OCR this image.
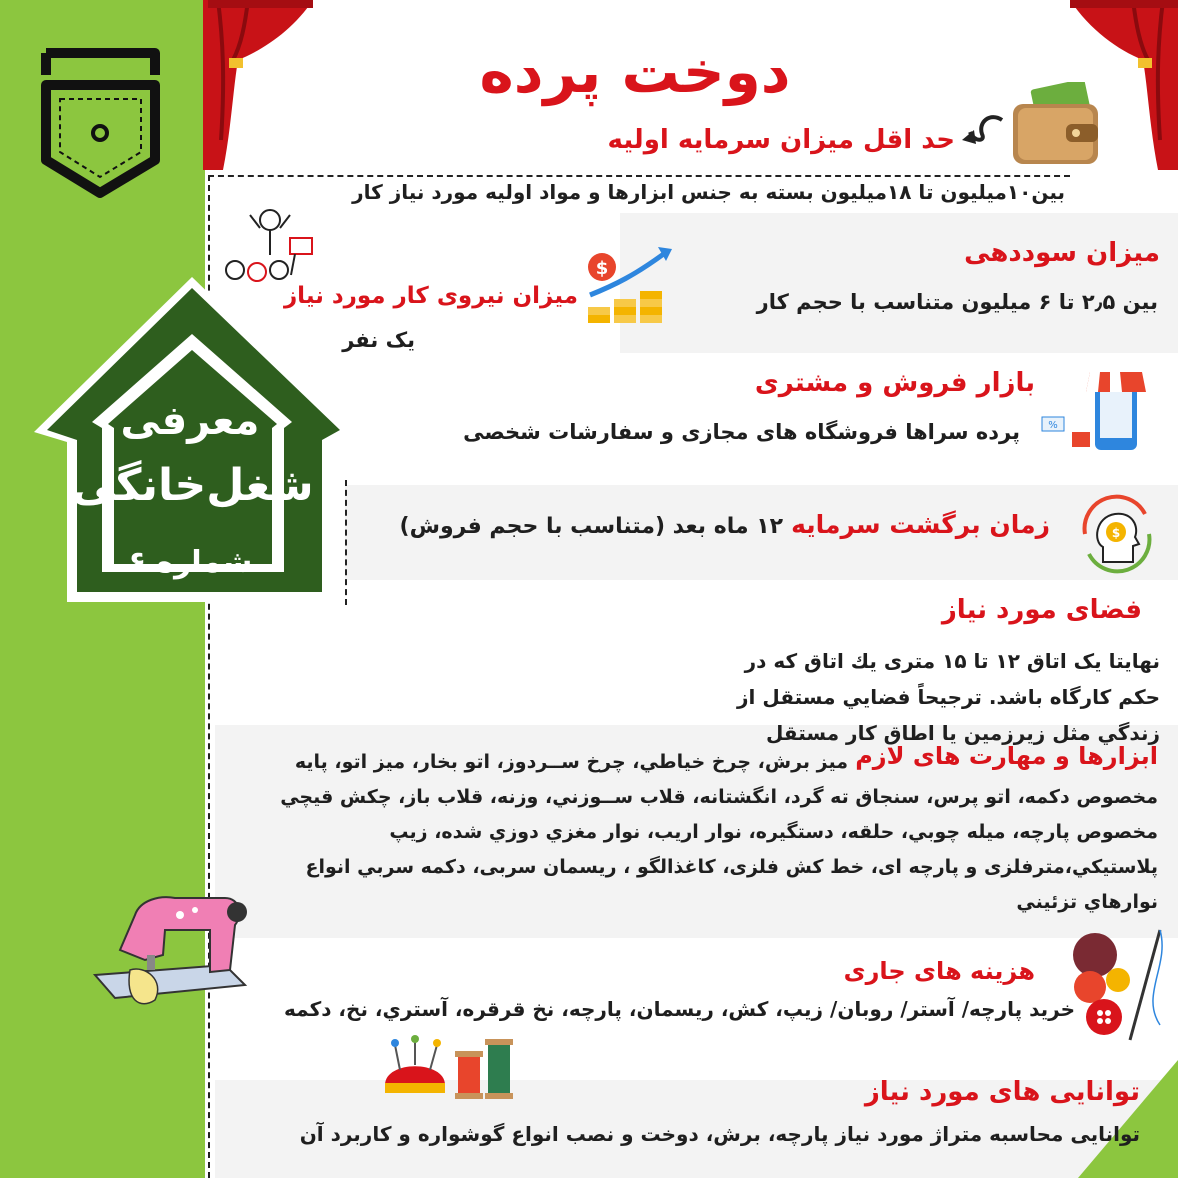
معرفی
شغل‌خانگی
شماره ۶
دوخت پرده
حد اقل میزان سرمایه اولیه
بین۱۰میلیون تا ۱۸میلیون بسته به جنس ابزارها و مواد اولیه مورد نیاز کار
$
میزان سوددهی
بین ۲٫۵ تا ۶ میلیون متناسب با حجم کار
میزان نیروی کار مورد نیاز
یک نفر
%
بازار فروش و مشتری
پرده سراها فروشگاه های مجازی و سفارشات شخصی
$
زمان برگشت سرمایه ۱۲ ماه بعد (متناسب با حجم فروش)
فضای مورد نیاز
نهایتا یک اتاق ۱۲ تا ۱۵ متری يك اتاق که در حکم کارگاه باشد. ترجیحاً فضايي مستقل از زندگي مثل زيرزمين يا اطاق كار مستقل
ابزارها و مهارت های لازم
میز برش، چرخ خیاطي، چرخ ســردوز، اتو بخار، میز اتو، پایه مخصوص دكمه، اتو پرس، سنجاق ته گرد، انگشتانه، قلاب ســوزني، وزنه، قلاب باز، چکش قیچي مخصوص پارچه، میله چوبي، حلقه، دستگیره، نوار اریب، نوار مغزي دوزي شده، زیپ پلاستیکي،مترفلزی و پارچه ای، خط کش فلزی، کاغذالگو ، ریسمان سربی، دکمه سربي انواع نوارهاي تزئیني
هزینه های جاری
خرید پارچه/ آستر/ روبان/ زیپ، کش، ریسمان، پارچه، نخ قرقره، آستري، نخ، دکمه
توانایی های مورد نیاز
توانایی محاسبه متراژ مورد نیاز پارچه، برش، دوخت و نصب انواع گوشواره و کاربرد آن
